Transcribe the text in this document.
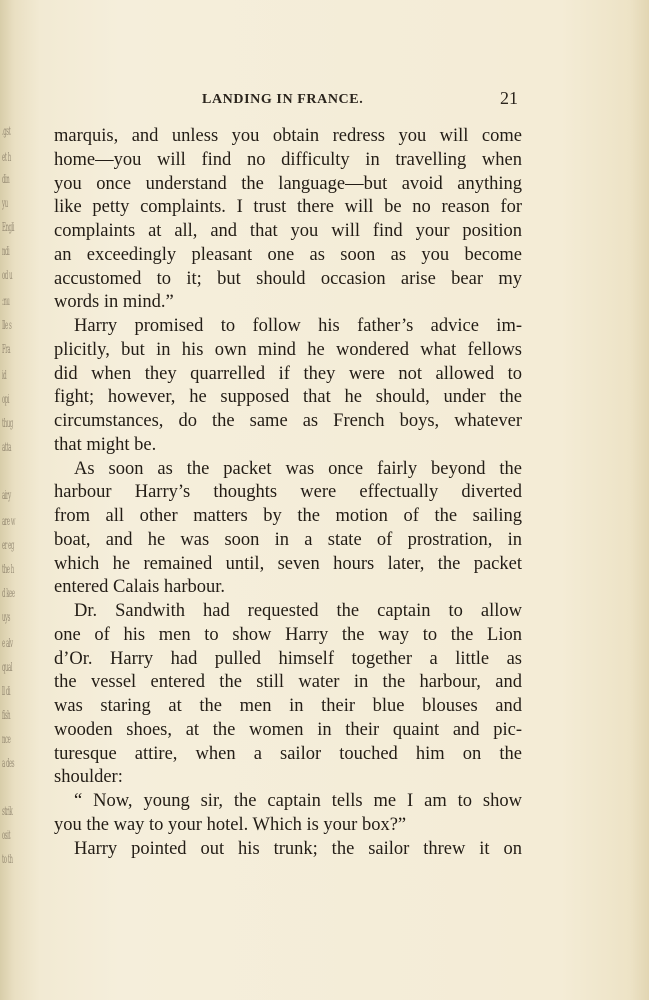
.gst
et h
din
yu
Engli
ndi
od u
:nu
Ile s
Fra
id
opi
thug
atta
airy
are w
er eg
the h
d kee
uys
e alv
qual
ll di
fish
nce
a des
strik
osit
to th
LANDING IN FRANCE.	21
marquis, and unless you obtain redress you will come
home—you will find no difficulty in travelling when
you once understand the language—but avoid anything
like petty complaints. I trust there will be no reason for
complaints at all, and that you will find your position
an exceedingly pleasant one as soon as you become
accustomed to it; but should occasion arise bear my
words in mind.”
Harry promised to follow his father’s advice im-
plicitly, but in his own mind he wondered what fellows
did when they quarrelled if they were not allowed to
fight; however, he supposed that he should, under the
circumstances, do the same as French boys, whatever
that might be.
As soon as the packet was once fairly beyond the
harbour Harry’s thoughts were effectually diverted
from all other matters by the motion of the sailing
boat, and he was soon in a state of prostration, in
which he remained until, seven hours later, the packet
entered Calais harbour.
Dr. Sandwith had requested the captain to allow
one of his men to show Harry the way to the Lion
d’Or. Harry had pulled himself together a little as
the vessel entered the still water in the harbour, and
was staring at the men in their blue blouses and
wooden shoes, at the women in their quaint and pic-
turesque attire, when a sailor touched him on the
shoulder:
“ Now, young sir, the captain tells me I am to show
you the way to your hotel. Which is your box?”
Harry pointed out his trunk; the sailor threw it on
